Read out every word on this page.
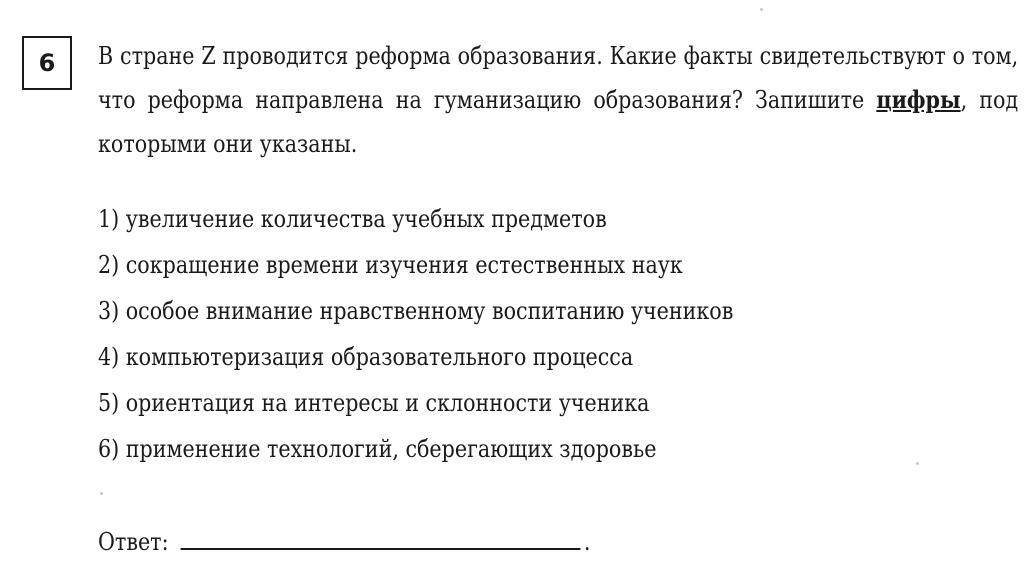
6 В стране Z проводится реформа образования. Какие факты свидетельствуют о том, что реформа направлена на гуманизацию образования? Запишите цифры, под которыми они указаны.
1) увеличение количества учебных предметов
2) сокращение времени изучения естественных наук
3) особое внимание нравственному воспитанию учеников
4) компьютеризация образовательного процесса
5) ориентация на интересы и склонности ученика
6) применение технологий, сберегающих здоровье
Ответ:	.
